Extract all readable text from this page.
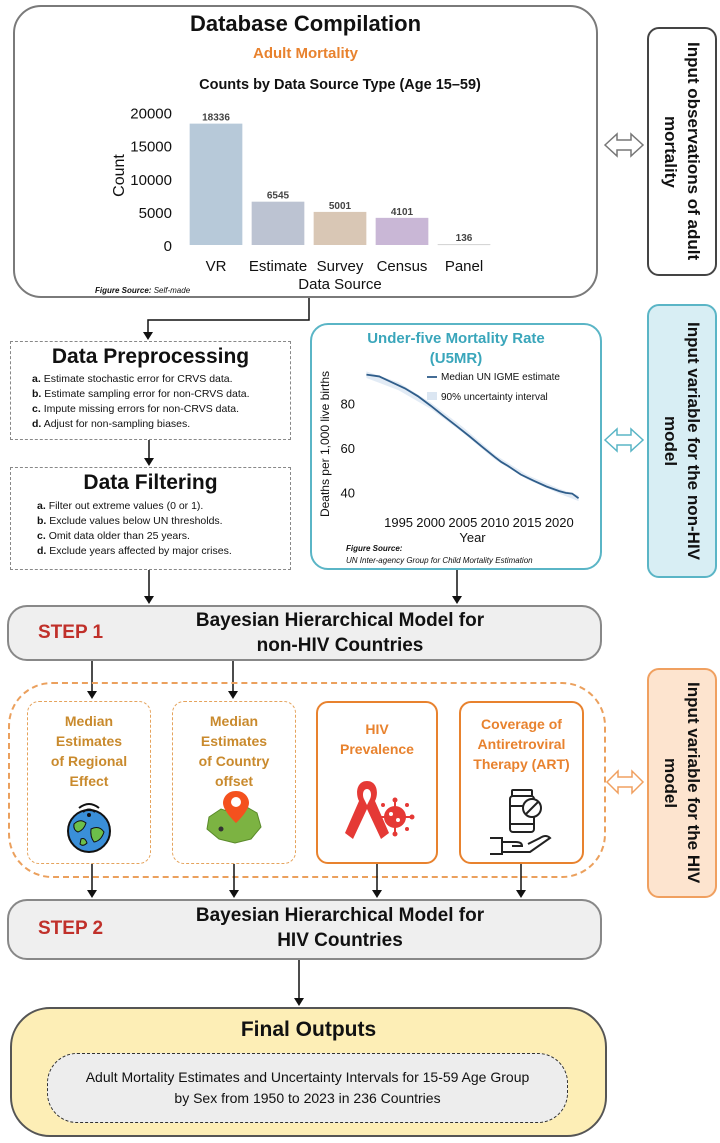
Database Compilation
Adult Mortality
Counts by Data Source Type (Age 15–59)
0
5000
10000
15000
20000
Count
18336
VR
6545
Estimate
5001
Survey
4101
Census
136
Panel
Data Source
Figure Source: Self-made
Input observations of adult mortality
Data Preprocessing
a. Estimate stochastic error for CRVS data.
b. Estimate sampling error for non-CRVS data.
c. Impute missing errors for non-CRVS data.
d. Adjust for non-sampling biases.
Data Filtering
a. Filter out extreme values (0 or 1).
b. Exclude values below UN thresholds.
c. Omit data older than 25 years.
d. Exclude years affected by major crises.
Under-five Mortality Rate
(U5MR)
40
60
80
1995 2000 2005 2010 2015 2020
Deaths per 1,000 live births
Year
Median UN IGME estimate
90% uncertainty interval
Figure Source:
UN Inter-agency Group for Child Mortality Estimation
Input variable for the non-HIV model
STEP 1
Bayesian Hierarchical Model for
non-HIV Countries
Median
Estimates
of Regional
Effect
Median
Estimates
of Country
offset
HIV
Prevalence
Coverage of
Antiretroviral
Therapy (ART)	Input variable for the HIV model
STEP 2
Bayesian Hierarchical Model for
HIV Countries
Final Outputs
Adult Mortality Estimates and Uncertainty Intervals for 15-59 Age Group
by Sex from 1950 to 2023 in 236 Countries
